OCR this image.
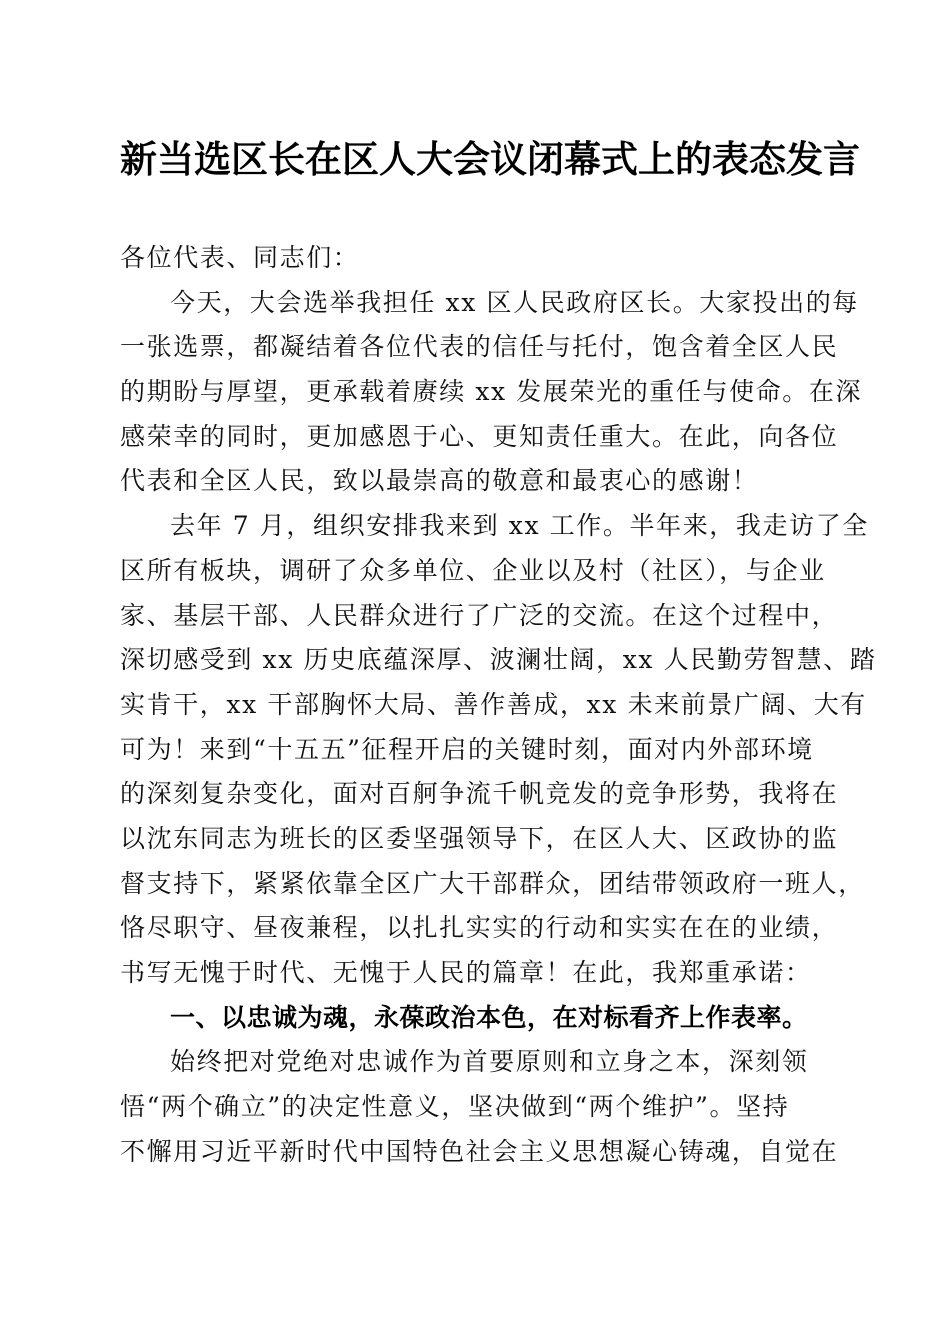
新当选区长在区人大会议闭幕式上的表态发言
各位代表、同志们：
今天，大会选举我担任 xx 区人民政府区长。大家投出的每
一张选票，都凝结着各位代表的信任与托付，饱含着全区人民
的期盼与厚望，更承载着赓续 xx 发展荣光的重任与使命。在深
感荣幸的同时，更加感恩于心、更知责任重大。在此，向各位
代表和全区人民，致以最崇高的敬意和最衷心的感谢！
去年 7 月，组织安排我来到 xx 工作。半年来，我走访了全
区所有板块，调研了众多单位、企业以及村（社区），与企业
家、基层干部、人民群众进行了广泛的交流。在这个过程中，
深切感受到 xx 历史底蕴深厚、波澜壮阔，xx 人民勤劳智慧、踏
实肯干，xx 干部胸怀大局、善作善成，xx 未来前景广阔、大有
可为！来到“十五五”征程开启的关键时刻，面对内外部环境
的深刻复杂变化，面对百舸争流千帆竞发的竞争形势，我将在
以沈东同志为班长的区委坚强领导下，在区人大、区政协的监
督支持下，紧紧依靠全区广大干部群众，团结带领政府一班人，
恪尽职守、昼夜兼程，以扎扎实实的行动和实实在在的业绩，
书写无愧于时代、无愧于人民的篇章！在此，我郑重承诺：
一、以忠诚为魂，永葆政治本色，在对标看齐上作表率。
始终把对党绝对忠诚作为首要原则和立身之本，深刻领
悟“两个确立”的决定性意义，坚决做到“两个维护”。坚持
不懈用习近平新时代中国特色社会主义思想凝心铸魂，自觉在
